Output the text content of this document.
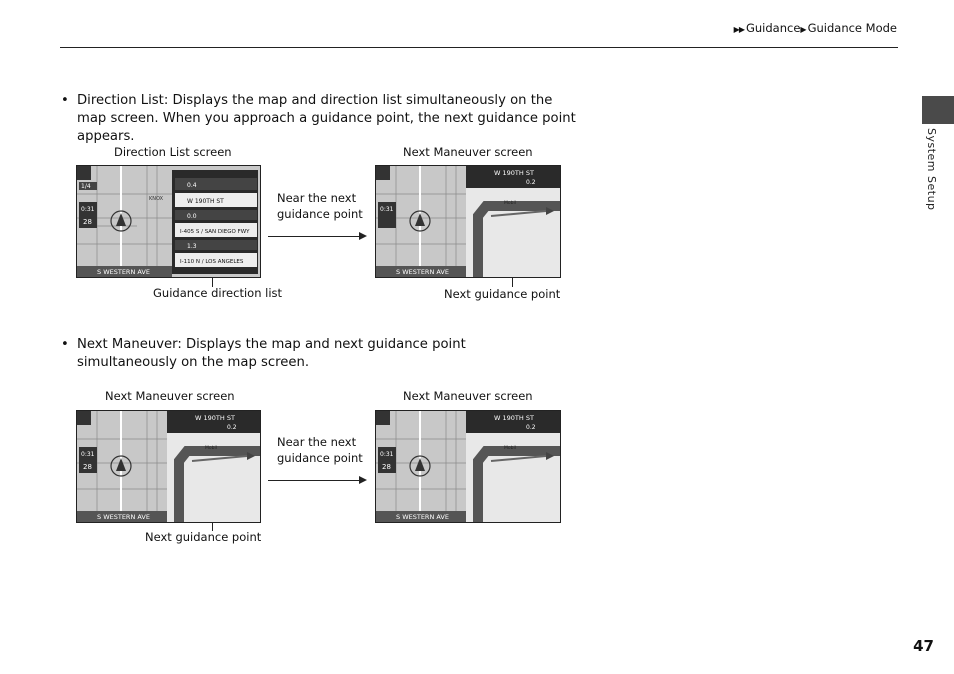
▶▶ Guidance▶ Guidance Mode
System Setup
• Direction List: Displays the map and direction list simultaneously on the map screen. When you approach a guidance point, the next guidance point appears.
Direction List screen	Next Maneuver screen
1/4
0:31
28
KNOX
S WESTERN AVE
0.4
W 190TH ST
0.0
I-405 S / SAN DIEGO FWY
1.3
I-110 N / LOS ANGELES
Near the next
guidance point	0:31
S WESTERN AVE
W 190TH ST
0.2
Mobil
Guidance direction list	Next guidance point
• Next Maneuver: Displays the map and next guidance point simultaneously on the map screen.
Next Maneuver screen	Next Maneuver screen
0:31
28
S WESTERN AVE
W 190TH ST
0.2
Mobil	Near the next
guidance point	0:31
28
S WESTERN AVE
W 190TH ST
0.2
Mobil
Next guidance point
47
